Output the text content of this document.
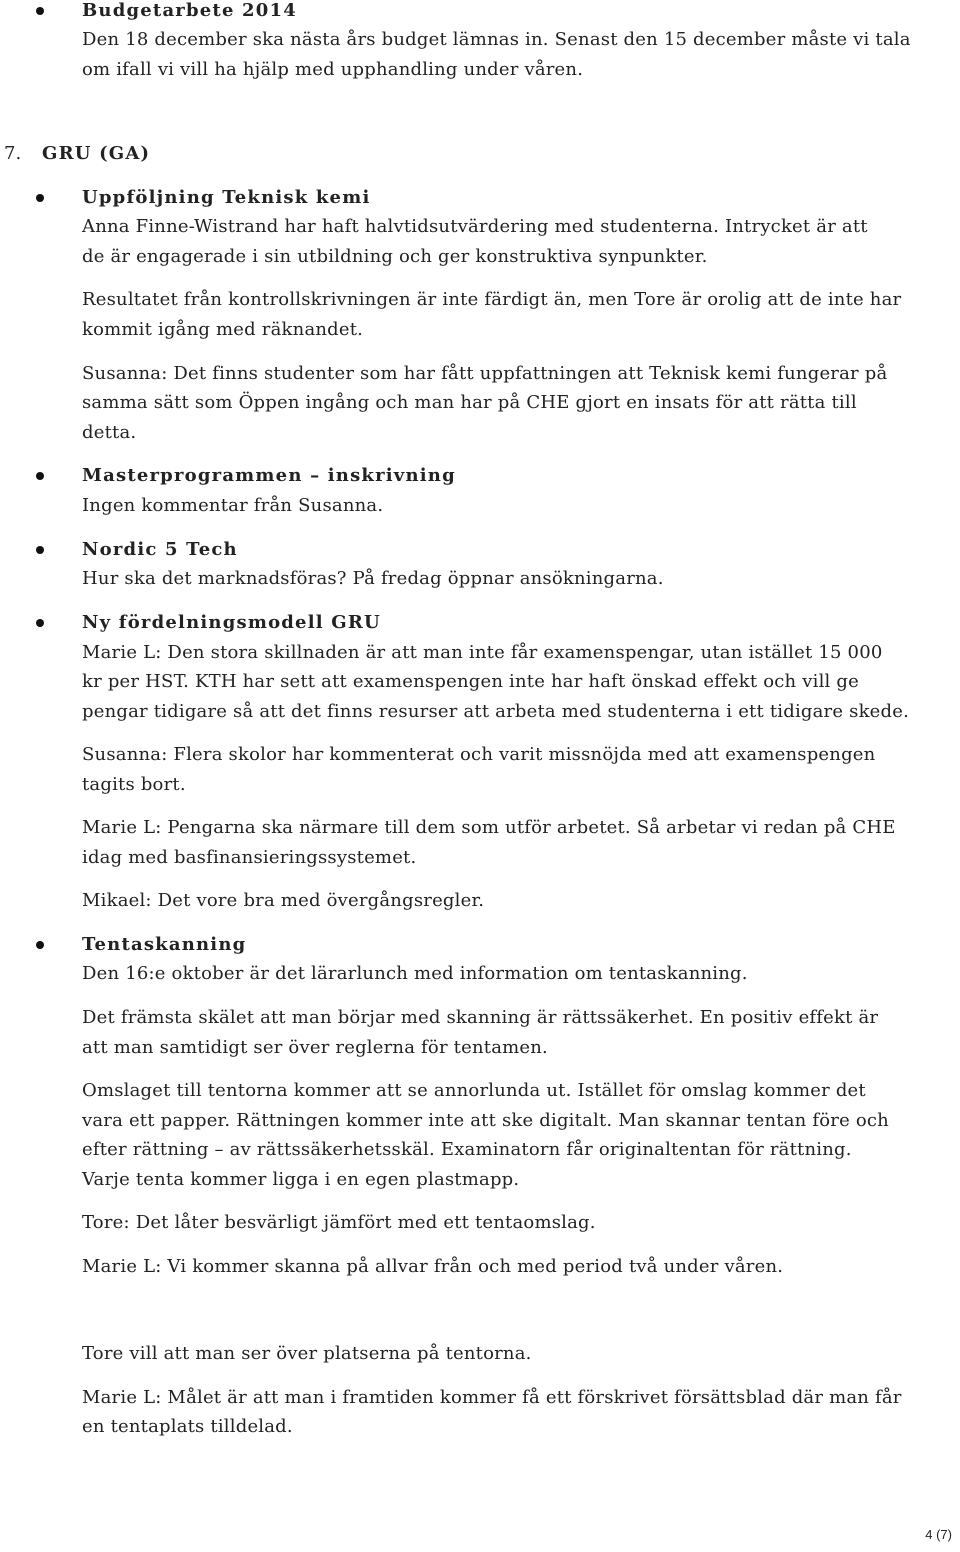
Budgetarbete 2014

Den 18 december ska nästa års budget lämnas in. Senast den 15 december måste vi tala

om ifall vi vill ha hjälp med upphandling under våren.

7. GRU (GA)

Uppföljning Teknisk kemi

Anna Finne-Wistrand har haft halvtidsutvärdering med studenterna. Intrycket är att

de är engagerade i sin utbildning och ger konstruktiva synpunkter.

Resultatet från kontrollskrivningen är inte färdigt än, men Tore är orolig att de inte har

kommit igång med räknandet.

Susanna: Det finns studenter som har fått uppfattningen att Teknisk kemi fungerar på

samma sätt som Öppen ingång och man har på CHE gjort en insats för att rätta till

detta.

Masterprogrammen – inskrivning

Ingen kommentar från Susanna.

Nordic 5 Tech

Hur ska det marknadsföras? På fredag öppnar ansökningarna.

Ny fördelningsmodell GRU

Marie L: Den stora skillnaden är att man inte får examenspengar, utan istället 15 000

kr per HST. KTH har sett att examenspengen inte har haft önskad effekt och vill ge

pengar tidigare så att det finns resurser att arbeta med studenterna i ett tidigare skede.

Susanna: Flera skolor har kommenterat och varit missnöjda med att examenspengen

tagits bort.

Marie L: Pengarna ska närmare till dem som utför arbetet. Så arbetar vi redan på CHE

idag med basfinansieringssystemet.

Mikael: Det vore bra med övergångsregler.

Tentaskanning

Den 16:e oktober är det lärarlunch med information om tentaskanning.

Det främsta skälet att man börjar med skanning är rättssäkerhet. En positiv effekt är

att man samtidigt ser över reglerna för tentamen.

Omslaget till tentorna kommer att se annorlunda ut. Istället för omslag kommer det

vara ett papper. Rättningen kommer inte att ske digitalt. Man skannar tentan före och

efter rättning – av rättssäkerhetsskäl. Examinatorn får originaltentan för rättning.

Varje tenta kommer ligga i en egen plastmapp.

Tore: Det låter besvärligt jämfört med ett tentaomslag.

Marie L: Vi kommer skanna på allvar från och med period två under våren.

Tore vill att man ser över platserna på tentorna.

Marie L: Målet är att man i framtiden kommer få ett förskrivet försättsblad där man får

en tentaplats tilldelad.

4 (7)
